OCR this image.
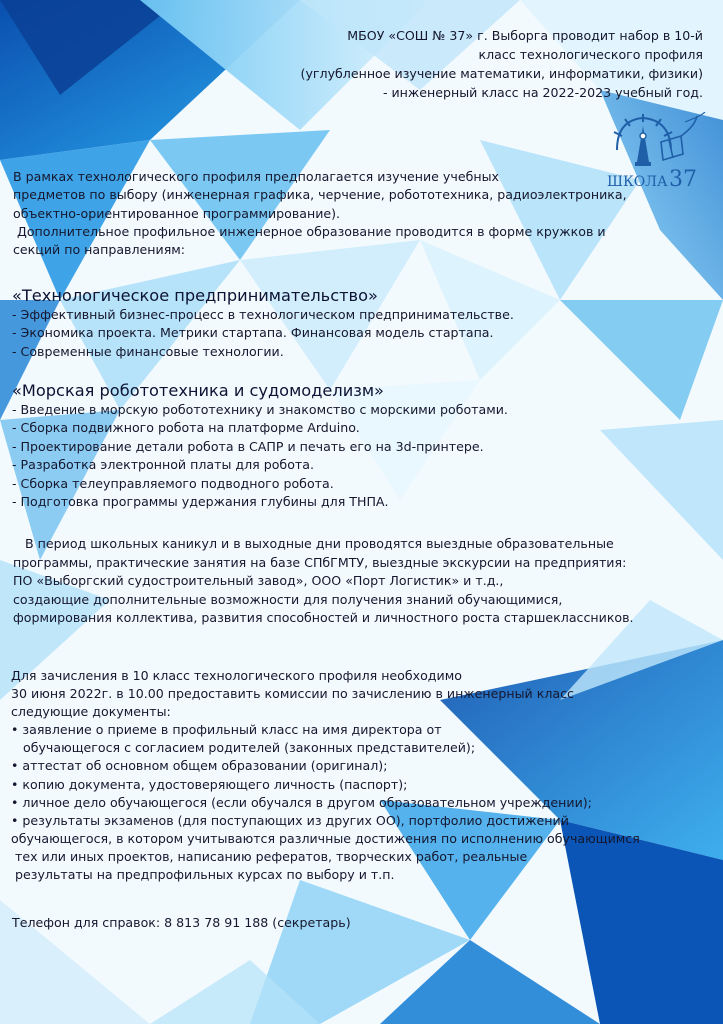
МБОУ «СОШ № 37» г. Выборга проводит набор в 10-й
класс технологического профиля
(углубленное изучение математики, информатики, физики)
- инженерный класс на 2022-2023 учебный год.
ШКОЛА 37
В рамках технологического профиля предполагается изучение учебных
предметов по выбору (инженерная графика, черчение, робототехника, радиоэлектроника,
объектно-ориентированное программирование).
Дополнительное профильное инженерное образование проводится в форме кружков и
секций по направлениям:
«Технологическое предпринимательство»
- Эффективный бизнес-процесс в технологическом предпринимательстве.
- Экономика проекта. Метрики стартапа. Финансовая модель стартапа.
- Современные финансовые технологии.
«Морская робототехника и судомоделизм»
- Введение в морскую робототехнику и знакомство с морскими роботами.
- Сборка подвижного робота на платформе Arduino.
- Проектирование детали робота в САПР и печать его на 3d-принтере.
- Разработка электронной платы для робота.
- Сборка телеуправляемого подводного робота.
- Подготовка программы удержания глубины для ТНПА.
В период школьных каникул и в выходные дни проводятся выездные образовательные
программы, практические занятия на базе СПбГМТУ, выездные экскурсии на предприятия:
ПО «Выборгский судостроительный завод», ООО «Порт Логистик» и т.д.,
создающие дополнительные возможности для получения знаний обучающимися,
формирования коллектива, развития способностей и личностного роста старшеклассников.
Для зачисления в 10 класс технологического профиля необходимо
30 июня 2022г. в 10.00 предоставить комиссии по зачислению в инженерный класс
следующие документы:
• заявление о приеме в профильный класс на имя директора от
обучающегося с согласием родителей (законных представителей);
• аттестат об основном общем образовании (оригинал);
• копию документа, удостоверяющего личность (паспорт);
• личное дело обучающегося (если обучался в другом образовательном учреждении);
• результаты экзаменов (для поступающих из других ОО), портфолио достижений
обучающегося, в котором учитываются различные достижения по исполнению обучающимся
тех или иных проектов, написанию рефератов, творческих работ, реальные
результаты на предпрофильных курсах по выбору и т.п.
Телефон для справок: 8 813 78 91 188 (секретарь)
